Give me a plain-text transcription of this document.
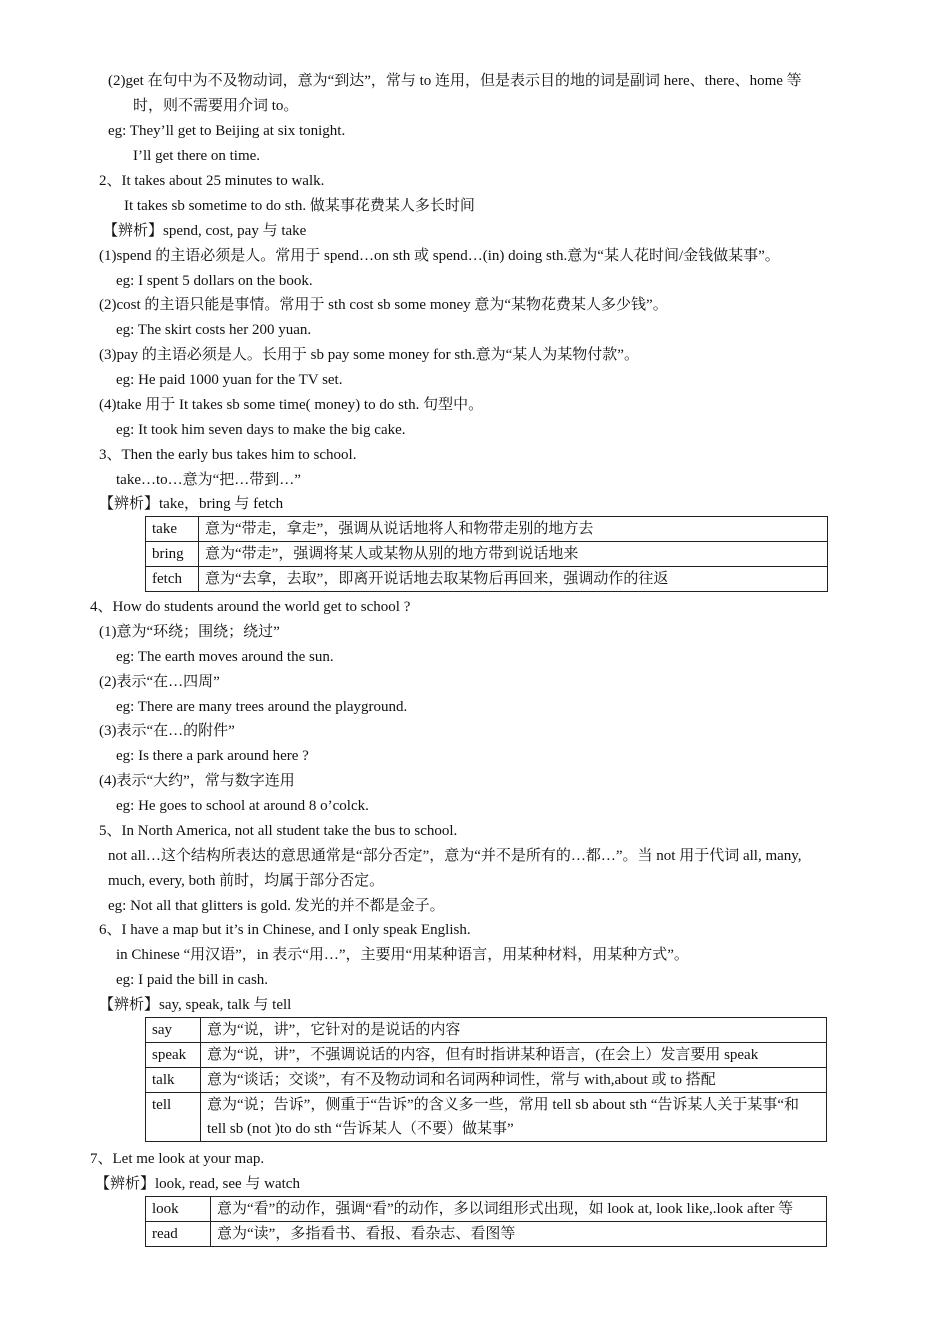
(2)get 在句中为不及物动词，意为“到达”，常与 to 连用，但是表示目的地的词是副词 here、there、home 等
时，则不需要用介词 to。
eg: They’ll get to Beijing at six tonight.
I’ll get there on time.
2、It takes about 25 minutes to walk.
It takes sb sometime to do sth. 做某事花费某人多长时间
【辨析】spend, cost, pay 与 take
(1)spend 的主语必须是人。常用于 spend…on sth 或 spend…(in) doing sth.意为“某人花时间/金钱做某事”。
eg: I spent 5 dollars on the book.
(2)cost 的主语只能是事情。常用于 sth cost sb some money 意为“某物花费某人多少钱”。
eg: The skirt costs her 200 yuan.
(3)pay 的主语必须是人。长用于 sb pay some money for sth.意为“某人为某物付款”。
eg: He paid 1000 yuan for the TV set.
(4)take 用于 It takes sb some time( money) to do sth. 句型中。
eg: It took him seven days to make the big cake.
3、Then the early bus takes him to school.
take…to…意为“把…带到…”
【辨析】take，bring 与 fetch
take	意为“带走，拿走”，强调从说话地将人和物带走别的地方去
bring	意为“带走”，强调将某人或某物从别的地方带到说话地来
fetch	意为“去拿，去取”，即离开说话地去取某物后再回来，强调动作的往返
4、How do students around the world get to school ?
(1)意为“环绕；围绕；绕过”
eg: The earth moves around the sun.
(2)表示“在…四周”
eg: There are many trees around the playground.
(3)表示“在…的附件”
eg: Is there a park around here ?
(4)表示“大约”，常与数字连用
eg: He goes to school at around 8 o’colck.
5、In North America, not all student take the bus to school.
not all…这个结构所表达的意思通常是“部分否定”，意为“并不是所有的…都…”。当 not 用于代词 all, many,
much, every, both 前时，均属于部分否定。
eg: Not all that glitters is gold. 发光的并不都是金子。
6、I have a map but it’s in Chinese, and I only speak English.
in Chinese “用汉语”，in 表示“用…”，主要用“用某种语言，用某种材料，用某种方式”。
eg: I paid the bill in cash.
【辨析】say, speak, talk 与 tell
say	意为“说，讲”，它针对的是说话的内容
speak	意为“说，讲”，不强调说话的内容，但有时指讲某种语言，(在会上）发言要用 speak
talk	意为“谈话；交谈”，有不及物动词和名词两种词性，常与 with,about 或 to 搭配
tell	意为“说；告诉”，侧重于“告诉”的含义多一些，常用 tell sb about sth “告诉某人关于某事“和 tell sb (not )to do sth “告诉某人（不要）做某事”
7、Let me look at your map.
【辨析】look, read, see 与 watch
look	意为“看”的动作，强调“看”的动作，多以词组形式出现，如 look at, look like,.look after 等
read	意为“读”，多指看书、看报、看杂志、看图等
